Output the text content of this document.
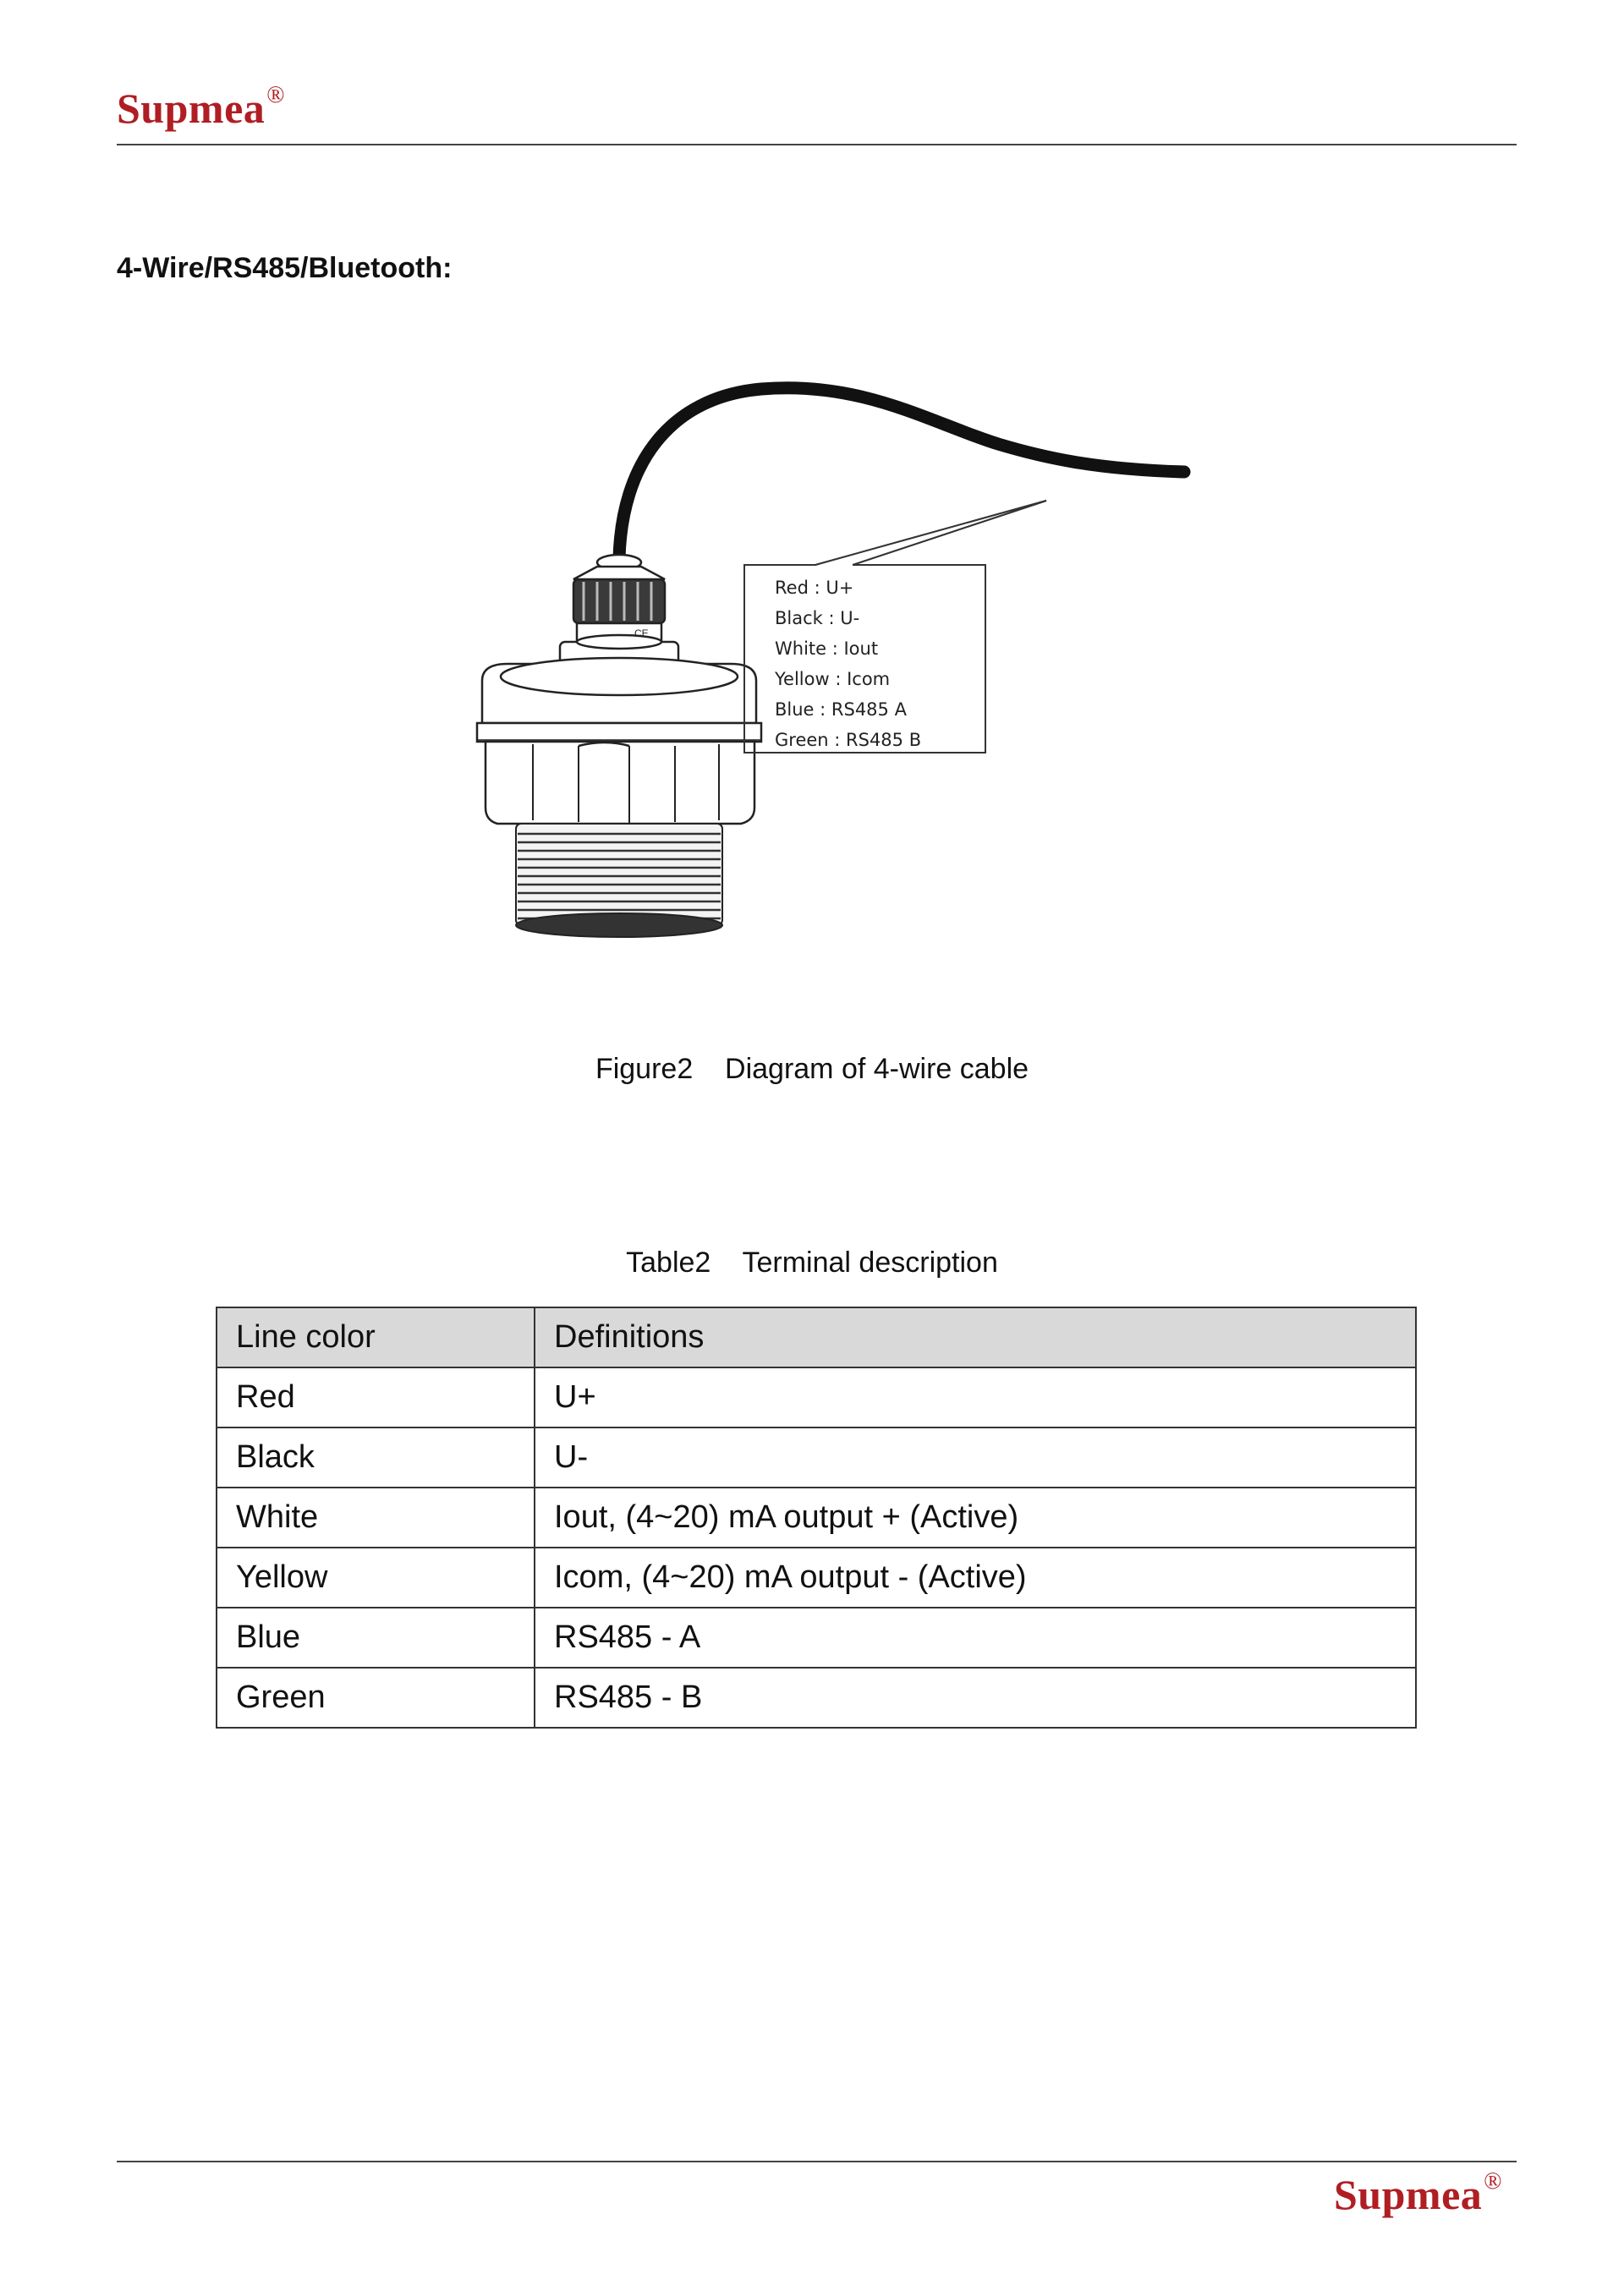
Supmea®
4-Wire/RS485/Bluetooth:
CE
Red : U+
Black : U-
White : Iout
Yellow : Icom
Blue : RS485 A
Green : RS485 B
Figure2    Diagram of 4-wire cable
Table2    Terminal description
Line color	Definitions
Red	U+
Black	U-
White	Iout, (4~20) mA output + (Active)
Yellow	Icom, (4~20) mA output - (Active)
Blue	RS485 - A
Green	RS485 - B
Supmea®
